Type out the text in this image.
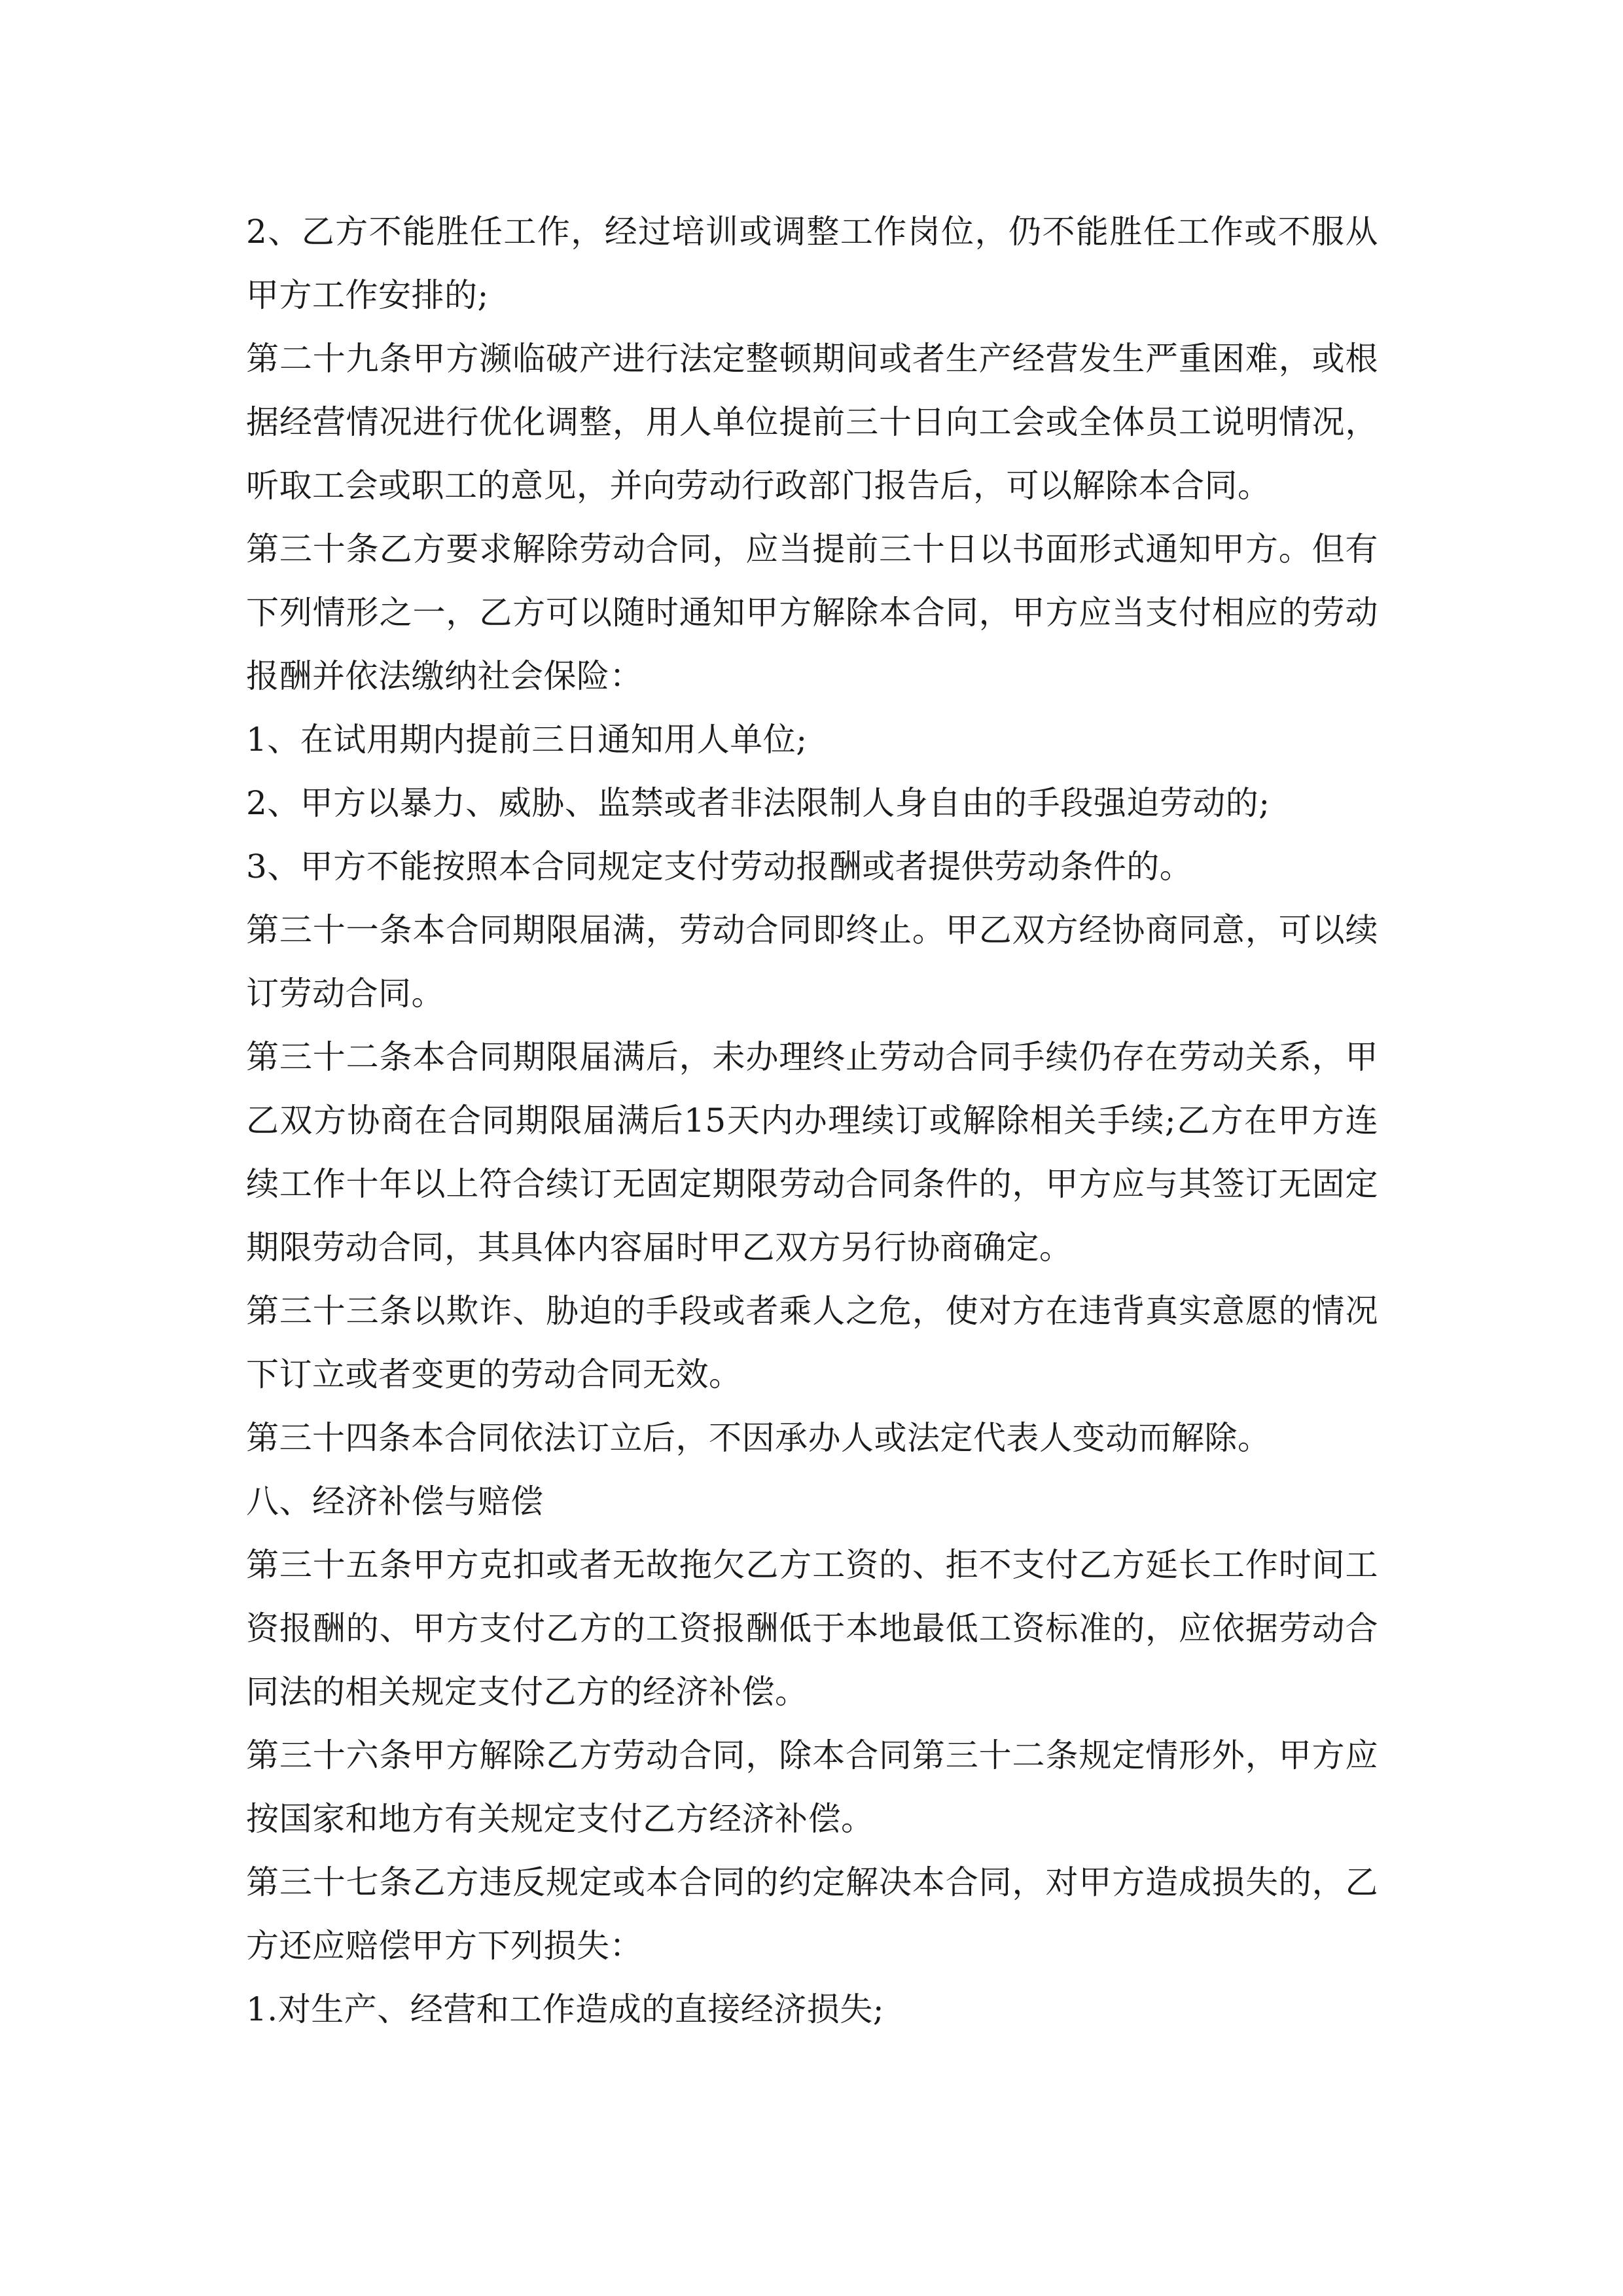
2、乙方不能胜任工作，经过培训或调整工作岗位，仍不能胜任工作或不服从甲方工作安排的;

第二十九条甲方濒临破产进行法定整顿期间或者生产经营发生严重困难，或根据经营情况进行优化调整，用人单位提前三十日向工会或全体员工说明情况，听取工会或职工的意见，并向劳动行政部门报告后，可以解除本合同。

第三十条乙方要求解除劳动合同，应当提前三十日以书面形式通知甲方。但有下列情形之一，乙方可以随时通知甲方解除本合同，甲方应当支付相应的劳动报酬并依法缴纳社会保险：

1、在试用期内提前三日通知用人单位;

2、甲方以暴力、威胁、监禁或者非法限制人身自由的手段强迫劳动的;

3、甲方不能按照本合同规定支付劳动报酬或者提供劳动条件的。

第三十一条本合同期限届满，劳动合同即终止。甲乙双方经协商同意，可以续订劳动合同。

第三十二条本合同期限届满后，未办理终止劳动合同手续仍存在劳动关系，甲乙双方协商在合同期限届满后15天内办理续订或解除相关手续;乙方在甲方连续工作十年以上符合续订无固定期限劳动合同条件的，甲方应与其签订无固定期限劳动合同，其具体内容届时甲乙双方另行协商确定。

第三十三条以欺诈、胁迫的手段或者乘人之危，使对方在违背真实意愿的情况下订立或者变更的劳动合同无效。

第三十四条本合同依法订立后，不因承办人或法定代表人变动而解除。

八、经济补偿与赔偿

第三十五条甲方克扣或者无故拖欠乙方工资的、拒不支付乙方延长工作时间工资报酬的、甲方支付乙方的工资报酬低于本地最低工资标准的，应依据劳动合同法的相关规定支付乙方的经济补偿。

第三十六条甲方解除乙方劳动合同，除本合同第三十二条规定情形外，甲方应按国家和地方有关规定支付乙方经济补偿。

第三十七条乙方违反规定或本合同的约定解决本合同，对甲方造成损失的，乙方还应赔偿甲方下列损失：

1.对生产、经营和工作造成的直接经济损失;
